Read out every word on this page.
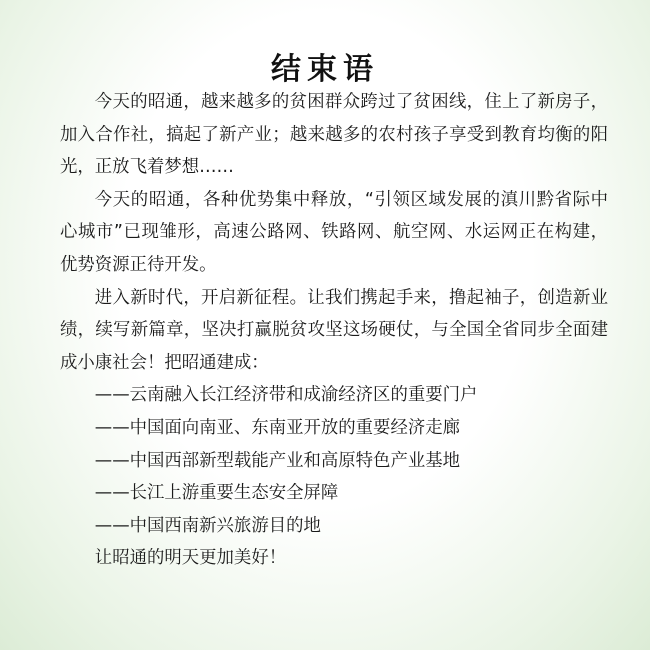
结束语

今天的昭通，越来越多的贫困群众跨过了贫困线，住上了新房子，加入合作社，搞起了新产业；越来越多的农村孩子享受到教育均衡的阳光，正放飞着梦想……

今天的昭通，各种优势集中释放，“引领区域发展的滇川黔省际中心城市”已现雏形，高速公路网、铁路网、航空网、水运网正在构建，优势资源正待开发。

进入新时代，开启新征程。让我们携起手来，撸起袖子，创造新业绩，续写新篇章，坚决打赢脱贫攻坚这场硬仗，与全国全省同步全面建成小康社会！把昭通建成：

——云南融入长江经济带和成渝经济区的重要门户
——中国面向南亚、东南亚开放的重要经济走廊
——中国西部新型载能产业和高原特色产业基地
——长江上游重要生态安全屏障
——中国西南新兴旅游目的地

让昭通的明天更加美好！
